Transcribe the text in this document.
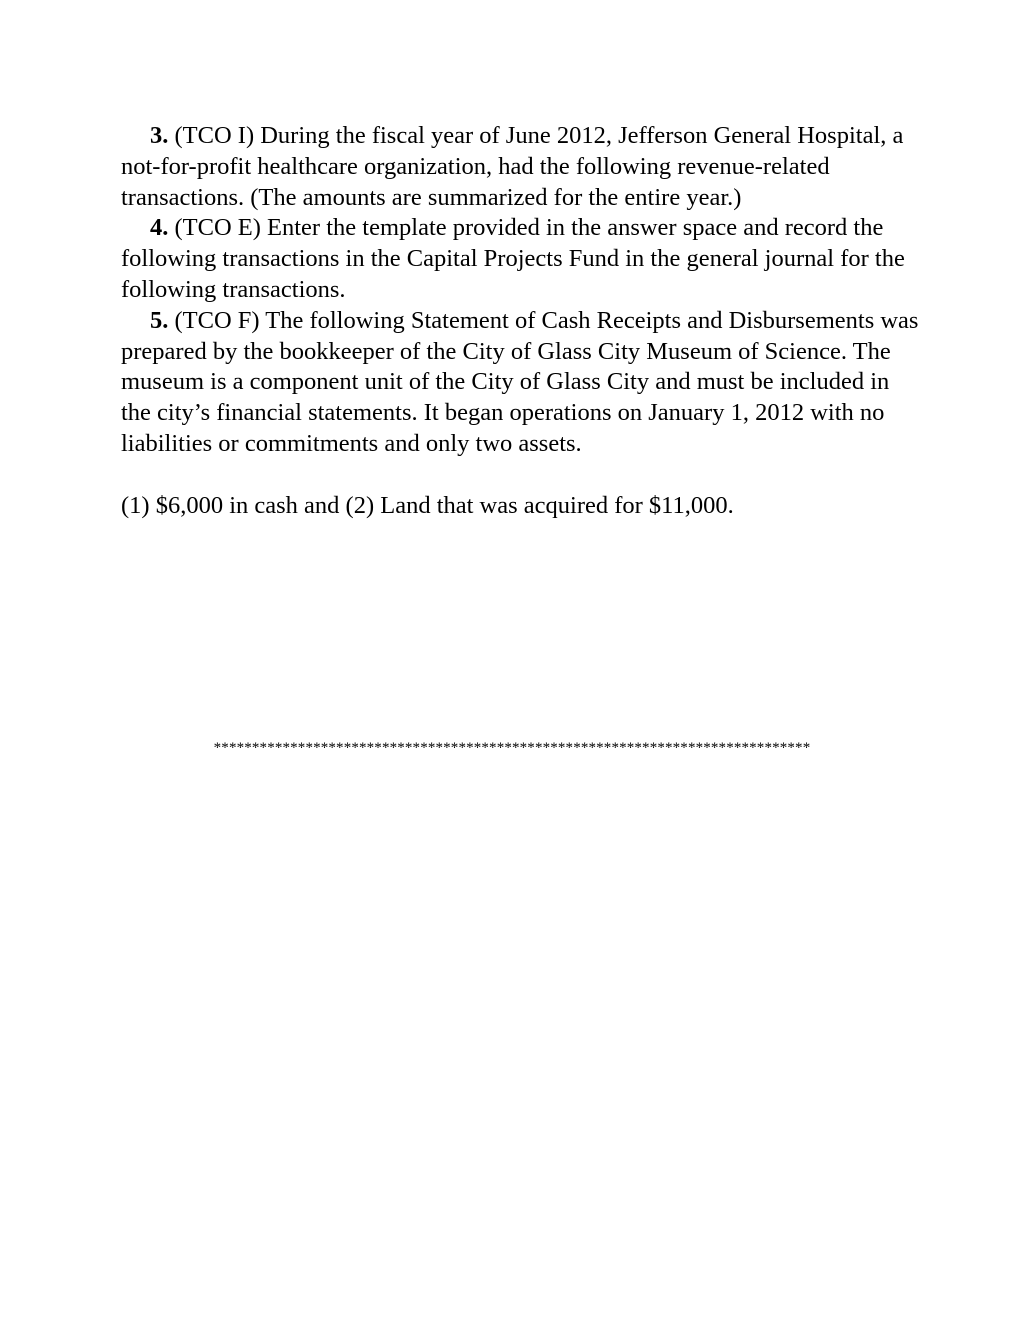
3. (TCO I) During the fiscal year of June 2012, Jefferson General Hospital, a not-for-profit healthcare organization, had the following revenue-related transactions. (The amounts are summarized for the entire year.)

4. (TCO E) Enter the template provided in the answer space and record the following transactions in the Capital Projects Fund in the general journal for the following transactions.

5. (TCO F) The following Statement of Cash Receipts and Disbursements was prepared by the bookkeeper of the City of Glass City Museum of Science. The museum is a component unit of the City of Glass City and must be included in the city’s financial statements. It began operations on January 1, 2012 with no liabilities or commitments and only two assets.

(1) $6,000 in cash and (2) Land that was acquired for $11,000.

******************************************************************************
